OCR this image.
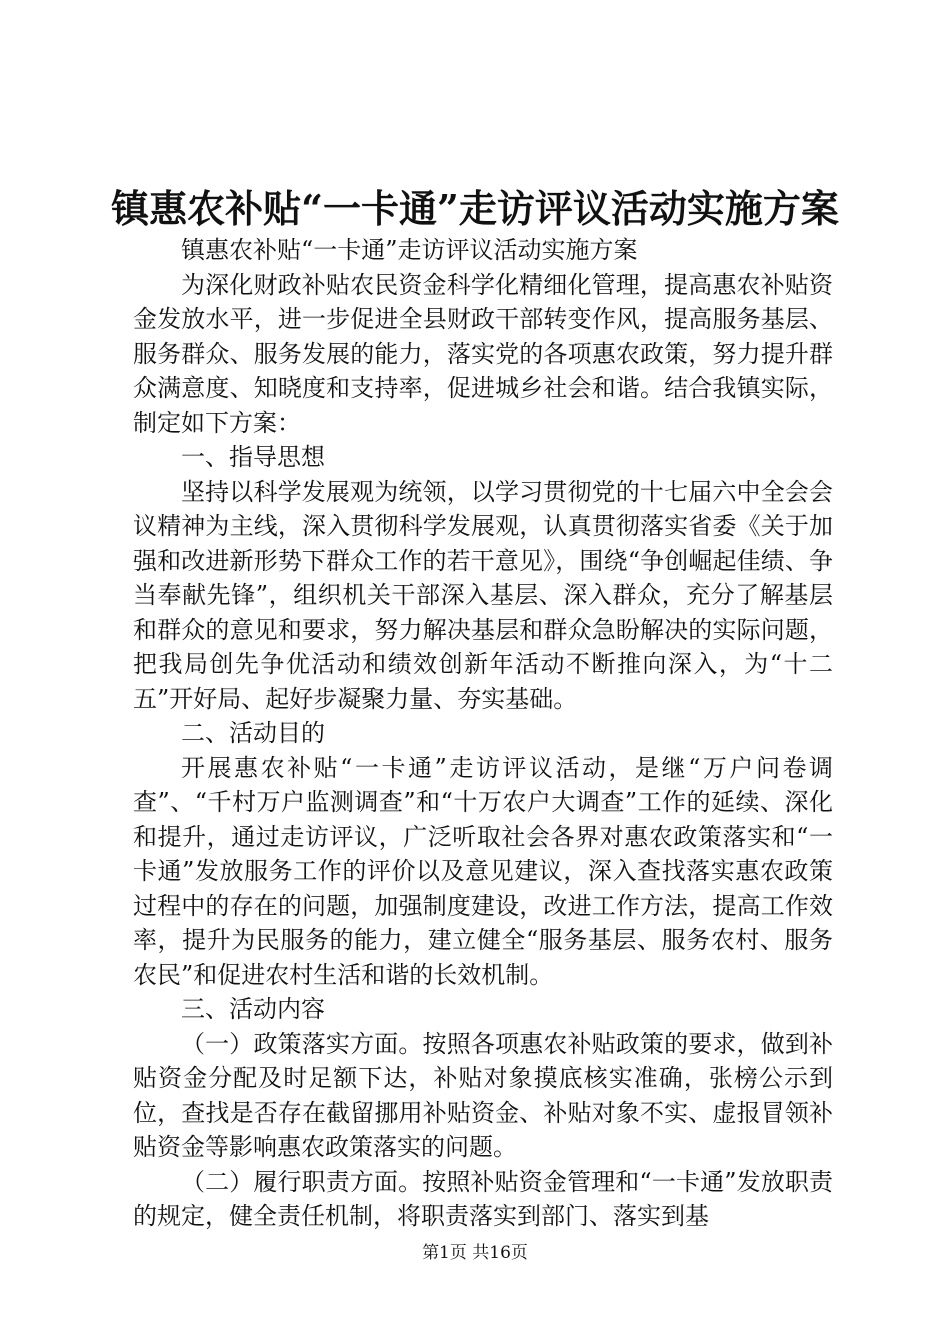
镇惠农补贴“一卡通”走访评议活动实施方案

镇惠农补贴“一卡通”走访评议活动实施方案

为深化财政补贴农民资金科学化精细化管理，提高惠农补贴资金发放水平，进一步促进全县财政干部转变作风，提高服务基层、服务群众、服务发展的能力，落实党的各项惠农政策，努力提升群众满意度、知晓度和支持率，促进城乡社会和谐。结合我镇实际，制定如下方案：

一、指导思想

坚持以科学发展观为统领，以学习贯彻党的十七届六中全会会议精神为主线，深入贯彻科学发展观，认真贯彻落实省委《关于加强和改进新形势下群众工作的若干意见》，围绕“争创崛起佳绩、争当奉献先锋”，组织机关干部深入基层、深入群众，充分了解基层和群众的意见和要求，努力解决基层和群众急盼解决的实际问题，把我局创先争优活动和绩效创新年活动不断推向深入，为“十二五”开好局、起好步凝聚力量、夯实基础。

二、活动目的

开展惠农补贴“一卡通”走访评议活动，是继“万户问卷调查”、“千村万户监测调查”和“十万农户大调查”工作的延续、深化和提升，通过走访评议，广泛听取社会各界对惠农政策落实和“一卡通”发放服务工作的评价以及意见建议，深入查找落实惠农政策过程中的存在的问题，加强制度建设，改进工作方法，提高工作效率，提升为民服务的能力，建立健全“服务基层、服务农村、服务农民”和促进农村生活和谐的长效机制。

三、活动内容

（一）政策落实方面。按照各项惠农补贴政策的要求，做到补贴资金分配及时足额下达，补贴对象摸底核实准确，张榜公示到位，查找是否存在截留挪用补贴资金、补贴对象不实、虚报冒领补贴资金等影响惠农政策落实的问题。

（二）履行职责方面。按照补贴资金管理和“一卡通”发放职责的规定，健全责任机制，将职责落实到部门、落实到基

第1页 共16页
